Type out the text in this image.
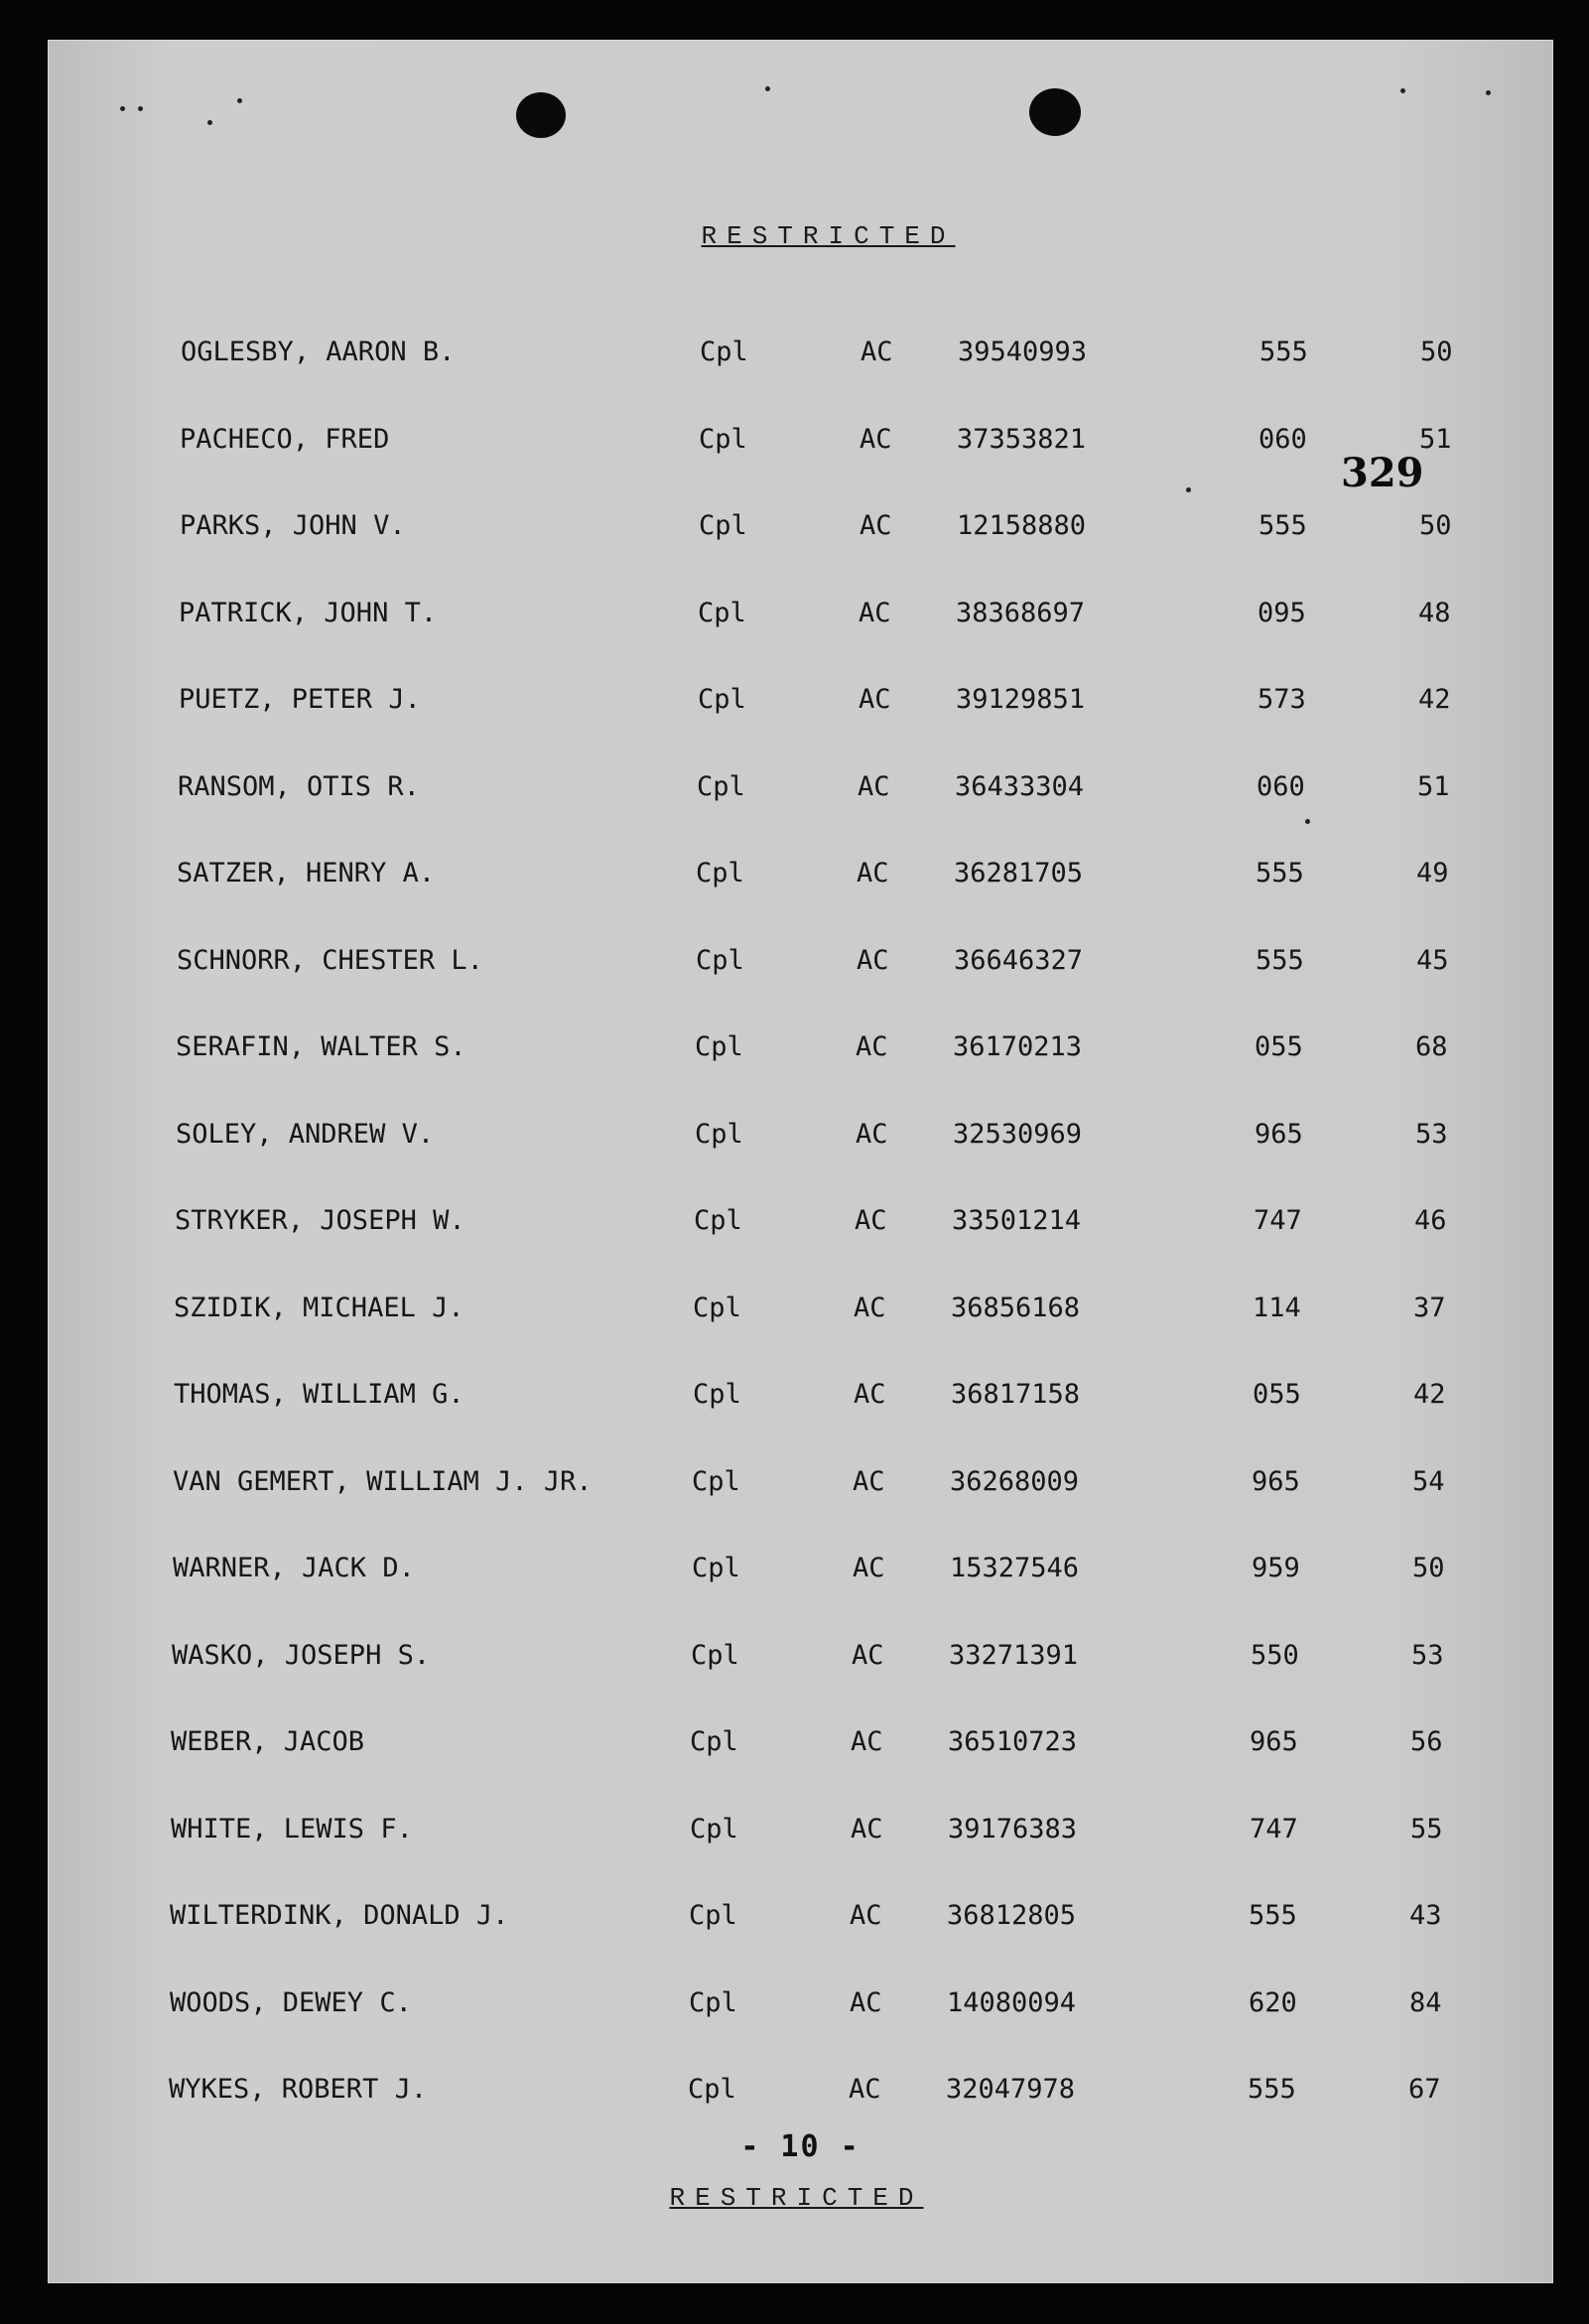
RESTRICTED
329
OGLESBY, AARON B.	Cpl	AC 39540993	555	50
PACHECO, FRED	Cpl	AC 37353821	060	51
PARKS, JOHN V.	Cpl	AC 12158880	555	50
PATRICK, JOHN T.	Cpl	AC 38368697	095	48
PUETZ, PETER J.	Cpl	AC 39129851	573	42
RANSOM, OTIS R.	Cpl	AC 36433304	060	51
SATZER, HENRY A.	Cpl	AC 36281705	555	49
SCHNORR, CHESTER L.	Cpl	AC 36646327	555	45
SERAFIN, WALTER S.	Cpl	AC 36170213	055	68
SOLEY, ANDREW V.	Cpl	AC 32530969	965	53
STRYKER, JOSEPH W.	Cpl	AC 33501214	747	46
SZIDIK, MICHAEL J.	Cpl	AC 36856168	114	37
THOMAS, WILLIAM G.	Cpl	AC 36817158	055	42
VAN GEMERT, WILLIAM J. JR.	Cpl	AC 36268009	965	54
WARNER, JACK D.	Cpl	AC 15327546	959	50
WASKO, JOSEPH S.	Cpl	AC 33271391	550	53
WEBER, JACOB	Cpl	AC 36510723	965	56
WHITE, LEWIS F.	Cpl	AC 39176383	747	55
WILTERDINK, DONALD J.	Cpl	AC 36812805	555	43
WOODS, DEWEY C.	Cpl	AC 14080094	620	84
WYKES, ROBERT J.	Cpl	AC 32047978	555	67
- 10 -
RESTRICTED
